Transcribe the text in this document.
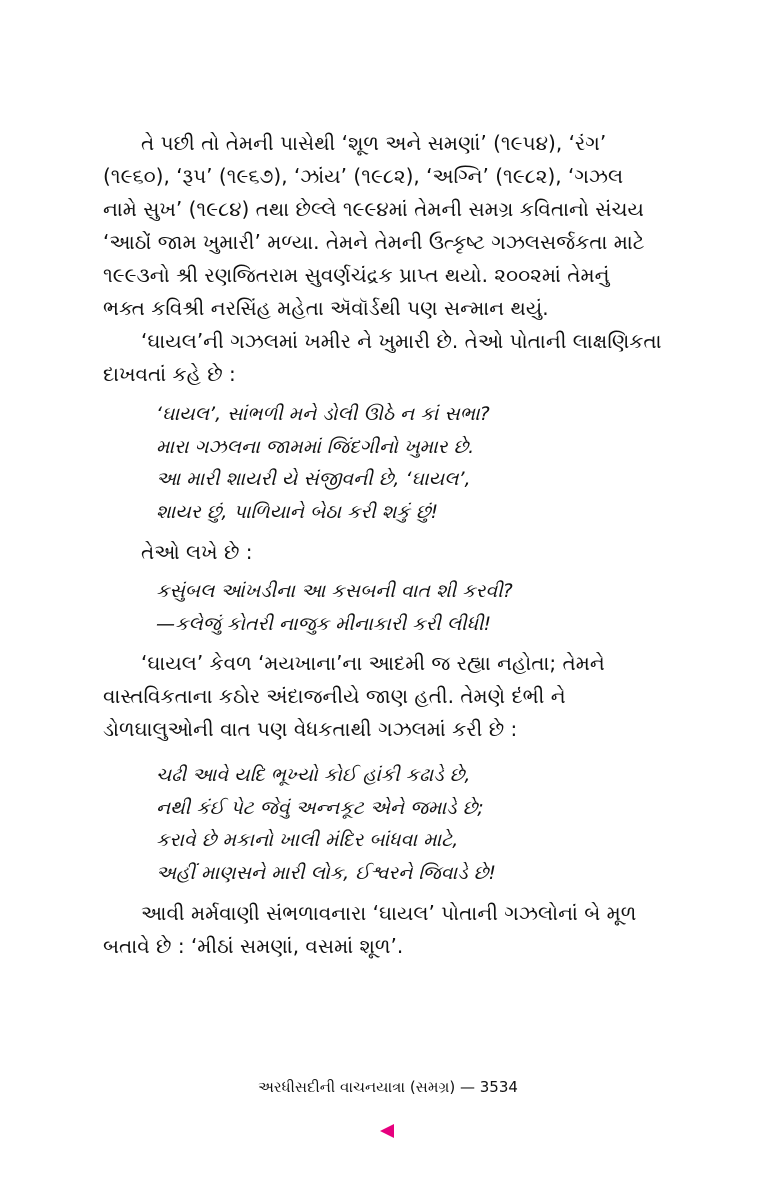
તે પછી તો તેમની પાસેથી ‘શૂળ અને સમણાં’ (૧૯૫૪), ‘રંગ’
(૧૯૬૦), ‘રૂપ’ (૧૯૬૭), ‘ઝાંય’ (૧૯૮૨), ‘અગ્નિ’ (૧૯૮૨), ‘ગઝલ
નામે સુખ’ (૧૯૮૪) તથા છેલ્લે ૧૯૯૪માં તેમની સમગ્ર કવિતાનો સંચય
‘આઠોં જામ ખુમારી’ મળ્યા. તેમને તેમની ઉત્કૃષ્ટ ગઝલસર્જકતા માટે
૧૯૯૩નો શ્રી રણજિતરામ સુવર્ણચંદ્રક પ્રાપ્ત થયો. ૨૦૦૨માં તેમનું
ભક્ત કવિશ્રી નરસિંહ મહેતા ઍવૉર્ડથી પણ સન્માન થયું.

‘ઘાયલ’ની ગઝલમાં ખમીર ને ખુમારી છે. તેઓ પોતાની લાક્ષણિકતા
દાખવતાં કહે છે :

‘ઘાયલ’, સાંભળી મને ડોલી ઊઠે ન કાં સભા?
મારા ગઝલના જામમાં જિંદગીનો ખુમાર છે.
આ મારી શાયરી યે સંજીવની છે, ‘ઘાયલ’,
શાયર છું, પાળિયાને બેઠા કરી શકું છું!

તેઓ લખે છે :

કસુંબલ આંખડીના આ કસબની વાત શી કરવી?
—કલેજું કોતરી નાજુક મીનાકારી કરી લીધી!

‘ઘાયલ’ કેવળ ‘મયખાના’ના આદમી જ રહ્યા નહોતા; તેમને
વાસ્તવિકતાના કઠોર અંદાજનીયે જાણ હતી. તેમણે દંભી ને
ડોળઘાલુઓની વાત પણ વેધકતાથી ગઝલમાં કરી છે :

ચઢી આવે યદિ ભૂખ્યો કોઈ હાંકી કઢાડે છે,
નથી કંઈ પેટ જેવું અન્નકૂટ એને જમાડે છે;
કરાવે છે મકાનો ખાલી મંદિર બાંધવા માટે,
અહીં માણસને મારી લોક, ઈશ્વરને જિવાડે છે!

આવી મર્મવાણી સંભળાવનારા ‘ઘાયલ’ પોતાની ગઝલોનાં બે મૂળ
બતાવે છે : ‘મીઠાં સમણાં, વસમાં શૂળ’.

અરધીસદીની વાચનયાત્રા (સમગ્ર) — 3534
